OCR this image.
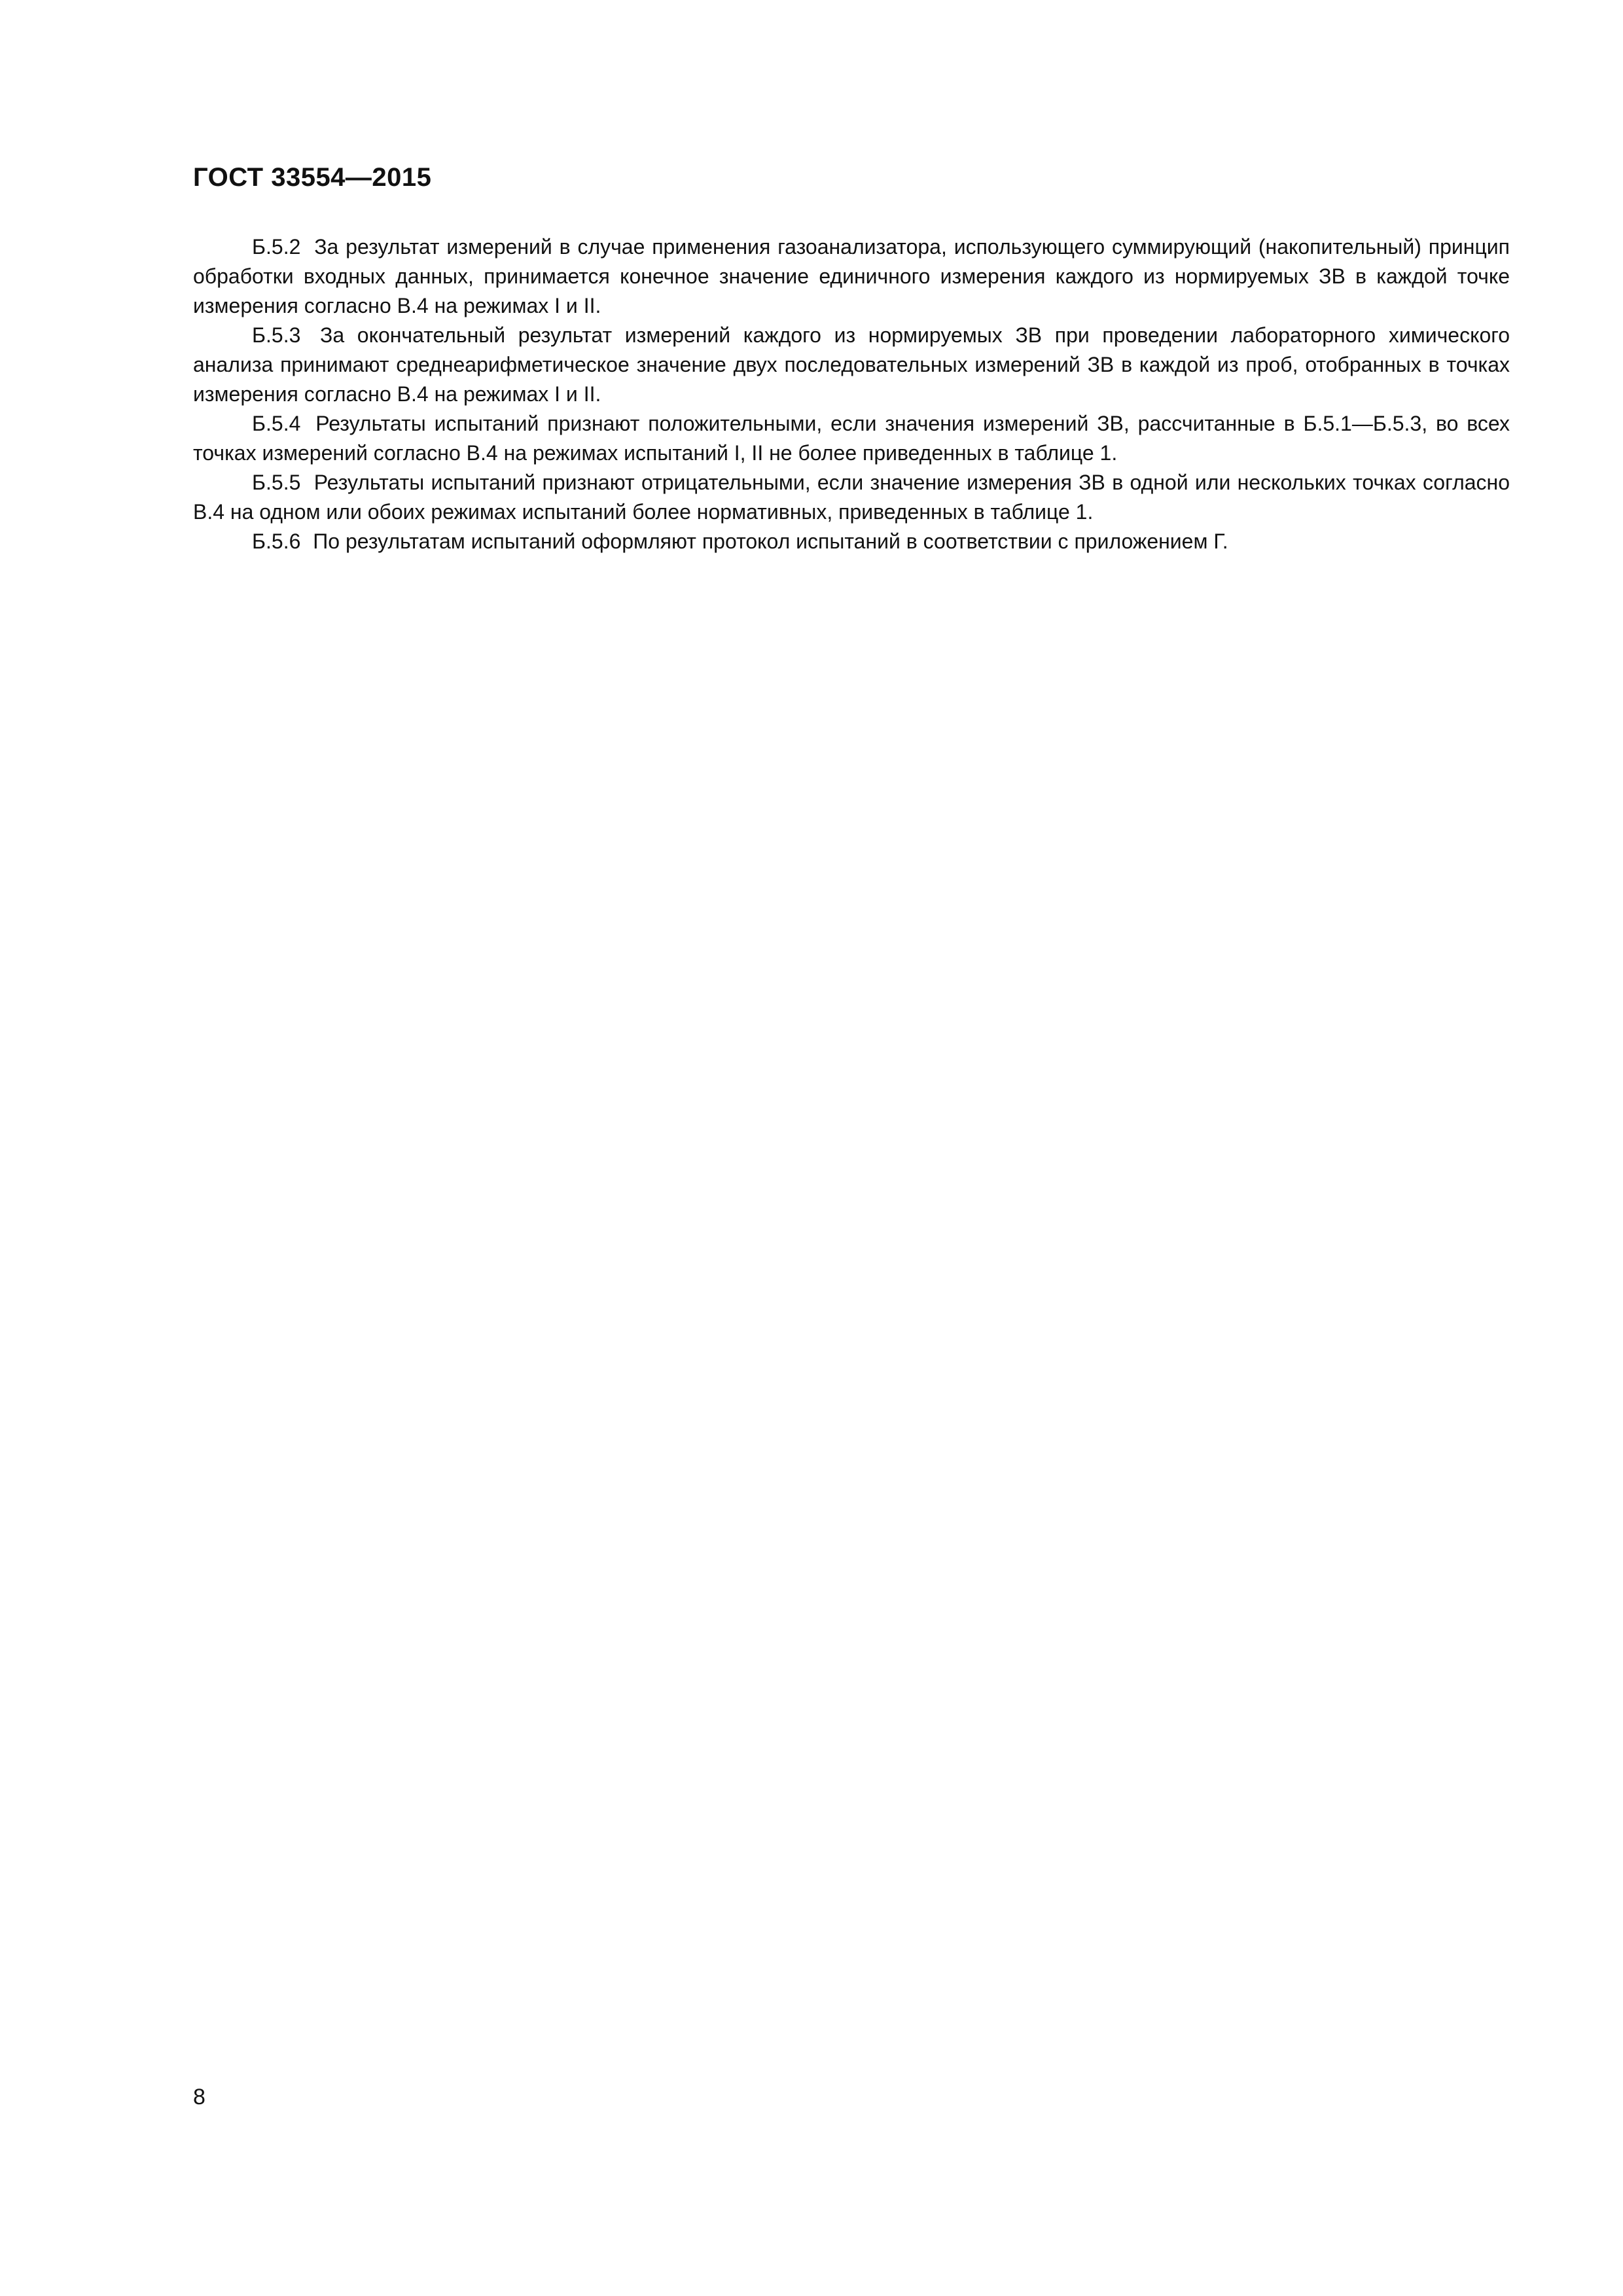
ГОСТ 33554—2015

Б.5.2 За результат измерений в случае применения газоанализатора, использующего суммирующий (накопительный) принцип обработки входных данных, принимается конечное значение единичного измерения каждого из нормируемых ЗВ в каждой точке измерения согласно В.4 на режимах I и II.

Б.5.3 За окончательный результат измерений каждого из нормируемых ЗВ при проведении лабораторного химического анализа принимают среднеарифметическое значение двух последовательных измерений ЗВ в каждой из проб, отобранных в точках измерения согласно В.4 на режимах I и II.

Б.5.4 Результаты испытаний признают положительными, если значения измерений ЗВ, рассчитанные в Б.5.1—Б.5.3, во всех точках измерений согласно В.4 на режимах испытаний I, II не более приведенных в таблице 1.

Б.5.5 Результаты испытаний признают отрицательными, если значение измерения ЗВ в одной или нескольких точках согласно В.4 на одном или обоих режимах испытаний более нормативных, приведенных в таблице 1.

Б.5.6 По результатам испытаний оформляют протокол испытаний в соответствии с приложением Г.

8
